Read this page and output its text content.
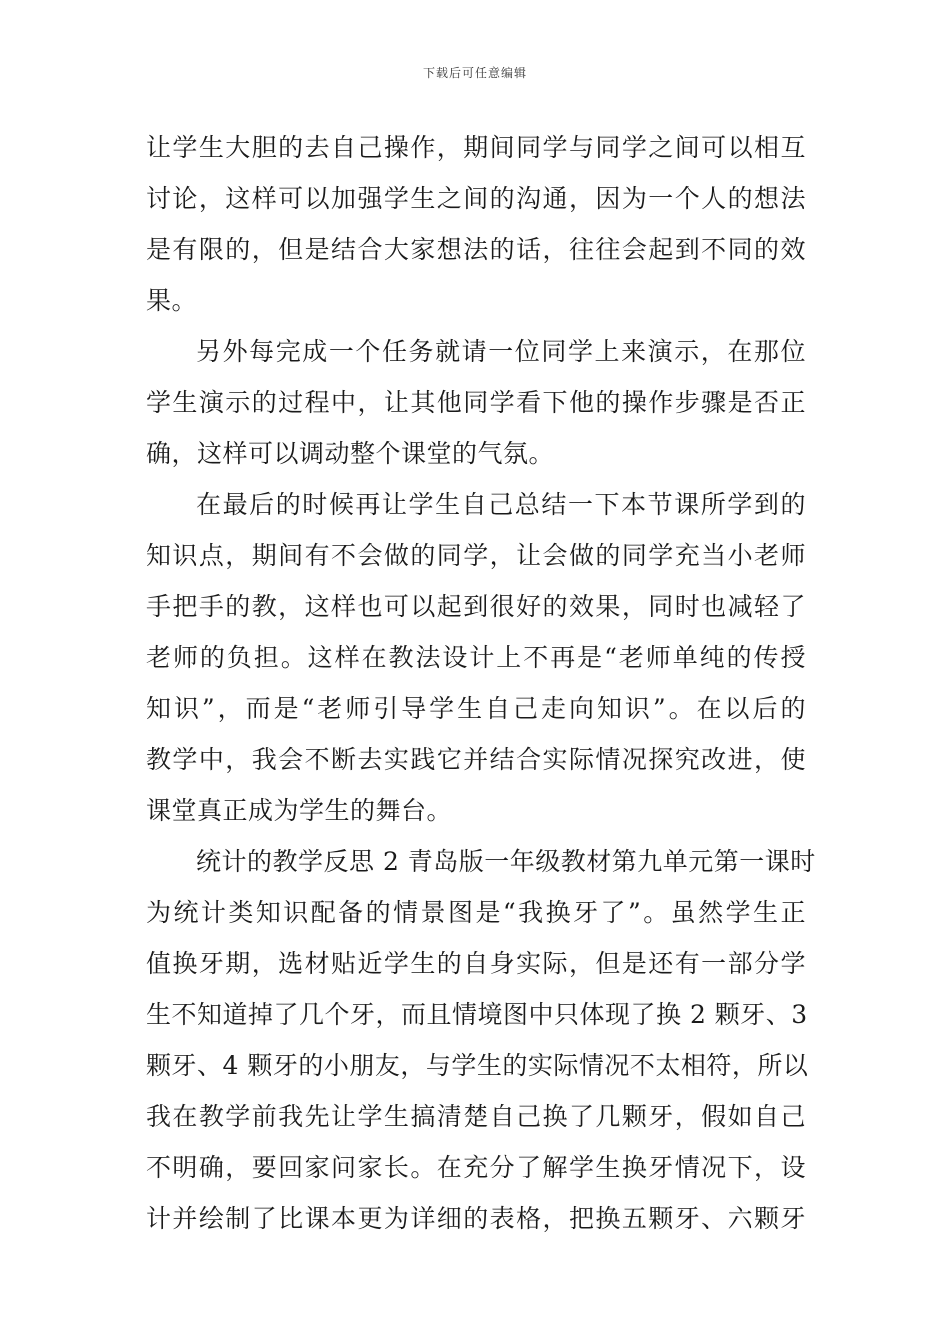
下载后可任意编辑
让学生大胆的去自己操作，期间同学与同学之间可以相互
讨论，这样可以加强学生之间的沟通，因为一个人的想法
是有限的，但是结合大家想法的话，往往会起到不同的效
果。
另外每完成一个任务就请一位同学上来演示，在那位
学生演示的过程中，让其他同学看下他的操作步骤是否正
确，这样可以调动整个课堂的气氛。
在最后的时候再让学生自己总结一下本节课所学到的
知识点，期间有不会做的同学，让会做的同学充当小老师
手把手的教，这样也可以起到很好的效果，同时也减轻了
老师的负担。这样在教法设计上不再是“老师单纯的传授
知识”，而是“老师引导学生自己走向知识”。在以后的
教学中，我会不断去实践它并结合实际情况探究改进，使
课堂真正成为学生的舞台。
统计的教学反思 2 青岛版一年级教材第九单元第一课时
为统计类知识配备的情景图是“我换牙了”。虽然学生正
值换牙期，选材贴近学生的自身实际，但是还有一部分学
生不知道掉了几个牙，而且情境图中只体现了换 2 颗牙、3
颗牙、4 颗牙的小朋友，与学生的实际情况不太相符，所以
我在教学前我先让学生搞清楚自己换了几颗牙，假如自己
不明确，要回家问家长。在充分了解学生换牙情况下，设
计并绘制了比课本更为详细的表格，把换五颗牙、六颗牙
